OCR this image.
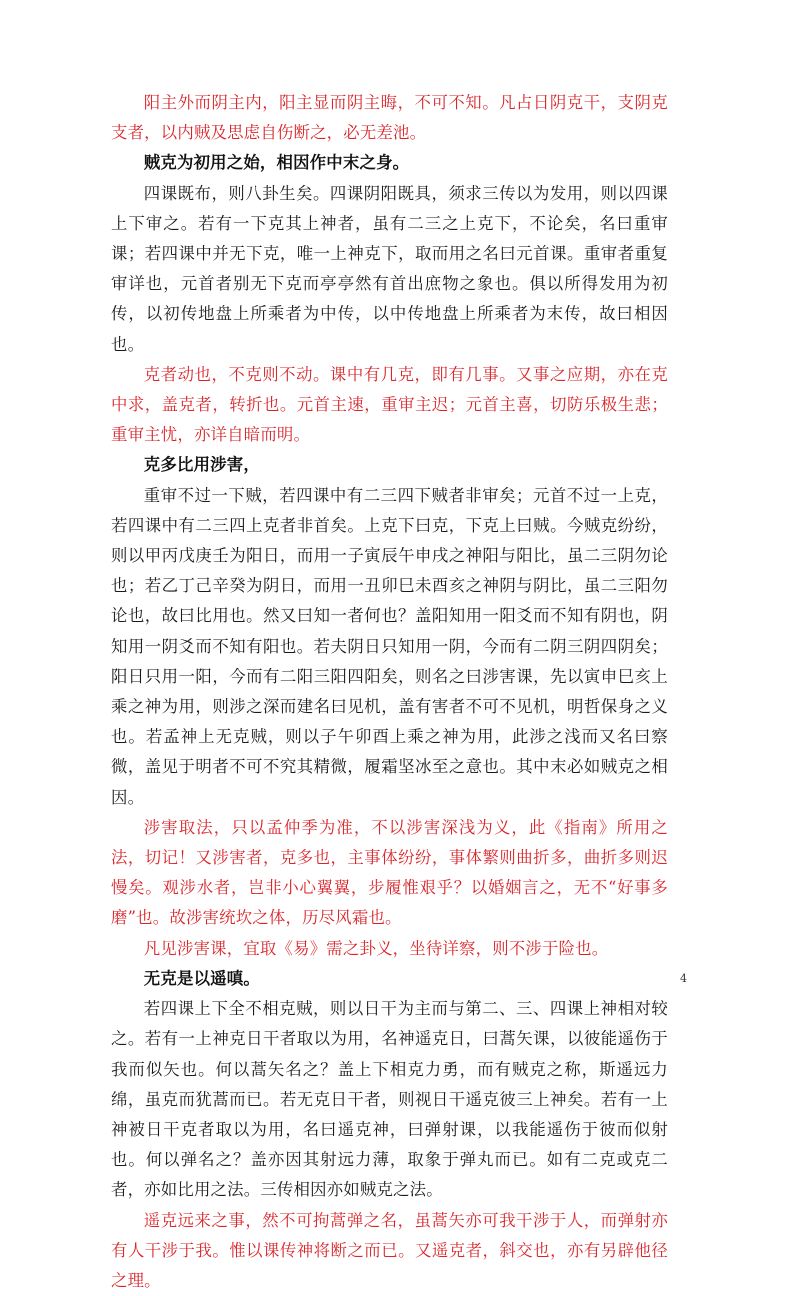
阳主外而阴主内，阳主显而阴主晦，不可不知。凡占日阴克干，支阴克支者，以内贼及思虑自伤断之，必无差池。

贼克为初用之始，相因作中末之身。

四课既布，则八卦生矣。四课阴阳既具，须求三传以为发用，则以四课上下审之。若有一下克其上神者，虽有二三之上克下，不论矣，名曰重审课；若四课中并无下克，唯一上神克下，取而用之名曰元首课。重审者重复审详也，元首者别无下克而亭亭然有首出庶物之象也。俱以所得发用为初传，以初传地盘上所乘者为中传，以中传地盘上所乘者为末传，故曰相因也。

克者动也，不克则不动。课中有几克，即有几事。又事之应期，亦在克中求，盖克者，转折也。元首主速，重审主迟；元首主喜，切防乐极生悲；重审主忧，亦详自暗而明。

克多比用涉害，

重审不过一下贼，若四课中有二三四下贼者非审矣；元首不过一上克，若四课中有二三四上克者非首矣。上克下曰克，下克上曰贼。今贼克纷纷，则以甲丙戊庚壬为阳日，而用一子寅辰午申戌之神阳与阳比，虽二三阴勿论也；若乙丁己辛癸为阴日，而用一丑卯巳未酉亥之神阴与阴比，虽二三阳勿论也，故曰比用也。然又曰知一者何也？盖阳知用一阳爻而不知有阴也，阴知用一阴爻而不知有阳也。若夫阴日只知用一阴，今而有二阴三阴四阴矣；阳日只用一阳，今而有二阳三阳四阳矣，则名之曰涉害课，先以寅申巳亥上乘之神为用，则涉之深而建名曰见机，盖有害者不可不见机，明哲保身之义也。若孟神上无克贼，则以子午卯酉上乘之神为用，此涉之浅而又名曰察微，盖见于明者不可不究其精微，履霜坚冰至之意也。其中末必如贼克之相因。

涉害取法，只以孟仲季为准，不以涉害深浅为义，此《指南》所用之法，切记！又涉害者，克多也，主事体纷纷，事体繁则曲折多，曲折多则迟慢矣。观涉水者，岂非小心翼翼，步履惟艰乎？以婚姻言之，无不“好事多磨”也。故涉害统坎之体，历尽风霜也。

凡见涉害课，宜取《易》需之卦义，坐待详察，则不涉于险也。

无克是以遥嗔。

若四课上下全不相克贼，则以日干为主而与第二、三、四课上神相对较之。若有一上神克日干者取以为用，名神遥克日，曰蒿矢课，以彼能遥伤于我而似矢也。何以蒿矢名之？盖上下相克力勇，而有贼克之称，斯遥远力绵，虽克而犹蒿而已。若无克日干者，则视日干遥克彼三上神矣。若有一上神被日干克者取以为用，名曰遥克神，曰弹射课，以我能遥伤于彼而似射也。何以弹名之？盖亦因其射远力薄，取象于弹丸而已。如有二克或克二者，亦如比用之法。三传相因亦如贼克之法。

遥克远来之事，然不可拘蒿弹之名，虽蒿矢亦可我干涉于人，而弹射亦有人干涉于我。惟以课传神将断之而已。又遥克者，斜交也，亦有另辟他径之理。

4
